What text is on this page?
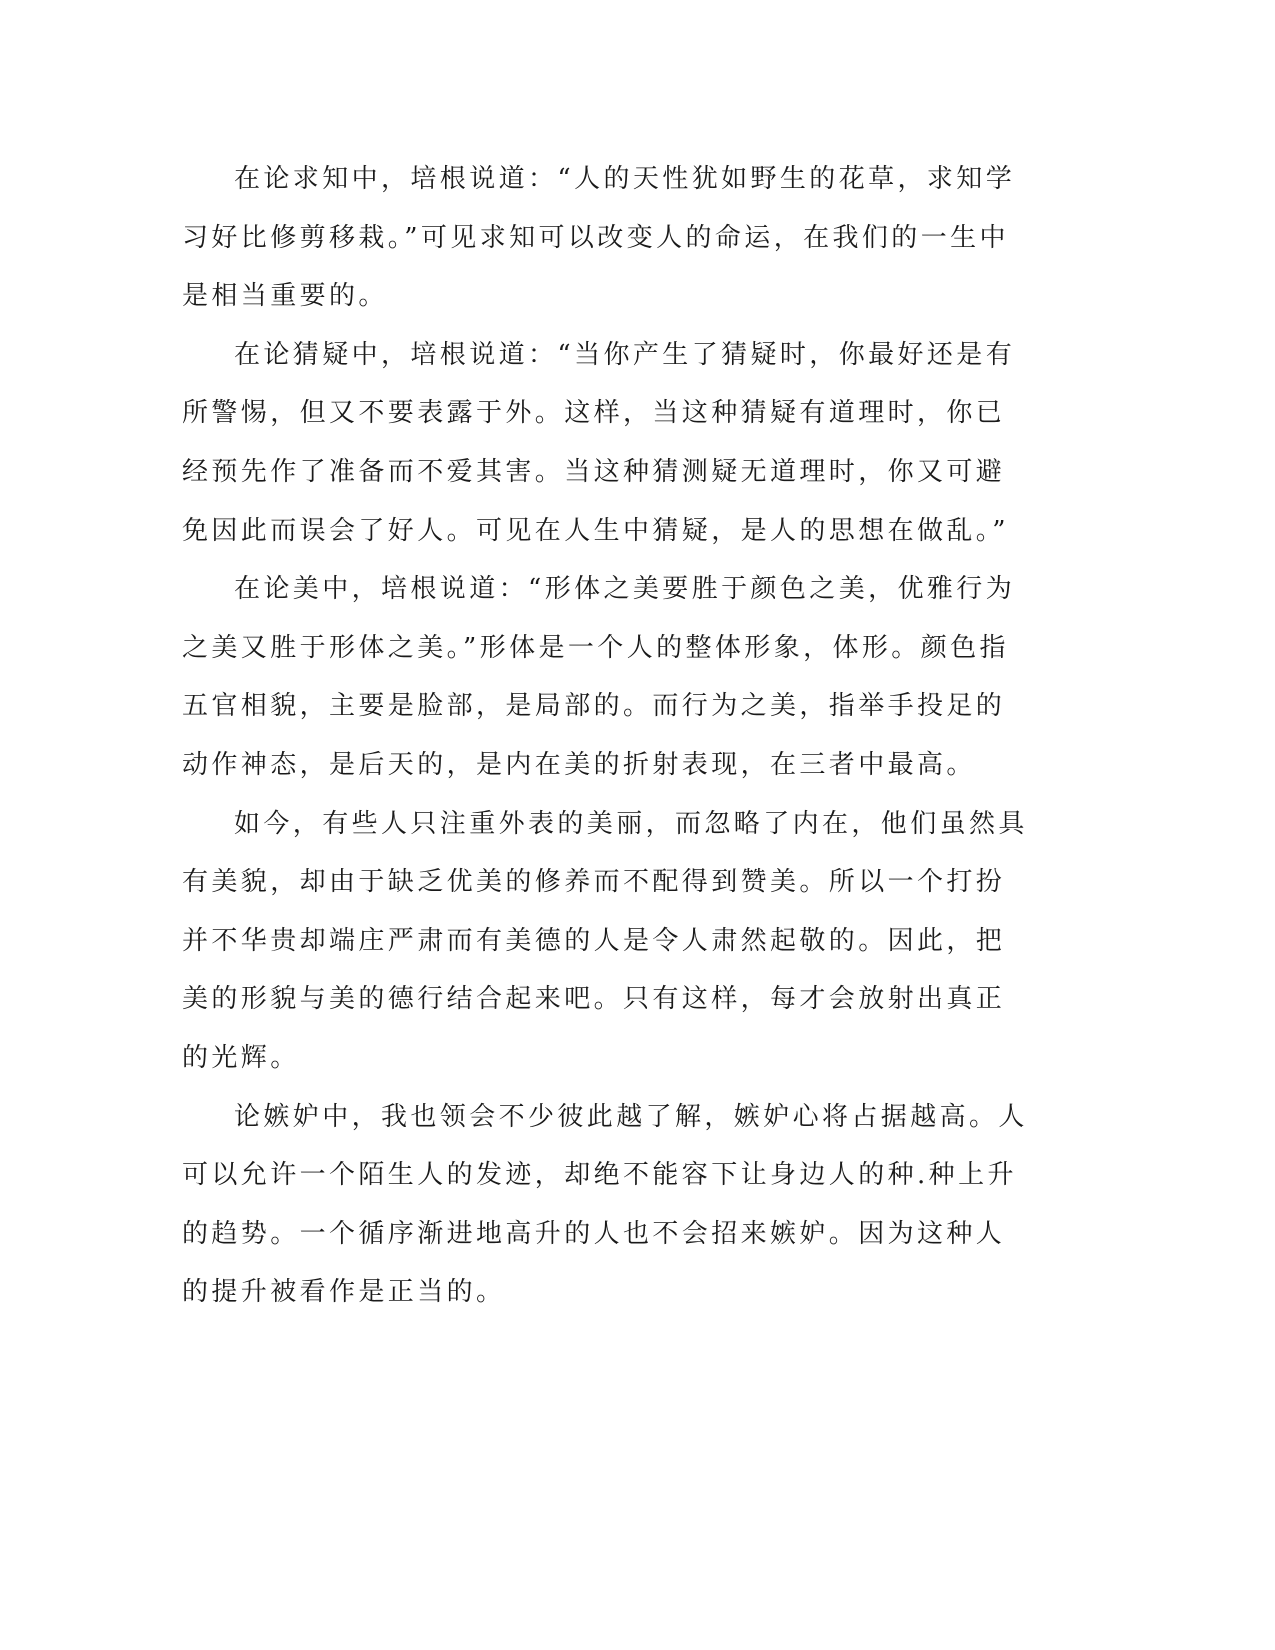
在论求知中，培根说道：“人的天性犹如野生的花草，求知学习好比修剪移栽。”可见求知可以改变人的命运，在我们的一生中是相当重要的。

在论猜疑中，培根说道：“当你产生了猜疑时，你最好还是有所警惕，但又不要表露于外。这样，当这种猜疑有道理时，你已经预先作了准备而不爱其害。当这种猜测疑无道理时，你又可避免因此而误会了好人。可见在人生中猜疑，是人的思想在做乱。”

在论美中，培根说道：“形体之美要胜于颜色之美，优雅行为之美又胜于形体之美。”形体是一个人的整体形象，体形。颜色指五官相貌，主要是脸部，是局部的。而行为之美，指举手投足的动作神态，是后天的，是内在美的折射表现，在三者中最高。

如今，有些人只注重外表的美丽，而忽略了内在，他们虽然具有美貌，却由于缺乏优美的修养而不配得到赞美。所以一个打扮并不华贵却端庄严肃而有美德的人是令人肃然起敬的。因此，把美的形貌与美的德行结合起来吧。只有这样，每才会放射出真正的光辉。

论嫉妒中，我也领会不少彼此越了解，嫉妒心将占据越高。人可以允许一个陌生人的发迹，却绝不能容下让身边人的种.种上升的趋势。一个循序渐进地高升的人也不会招来嫉妒。因为这种人的提升被看作是正当的。
